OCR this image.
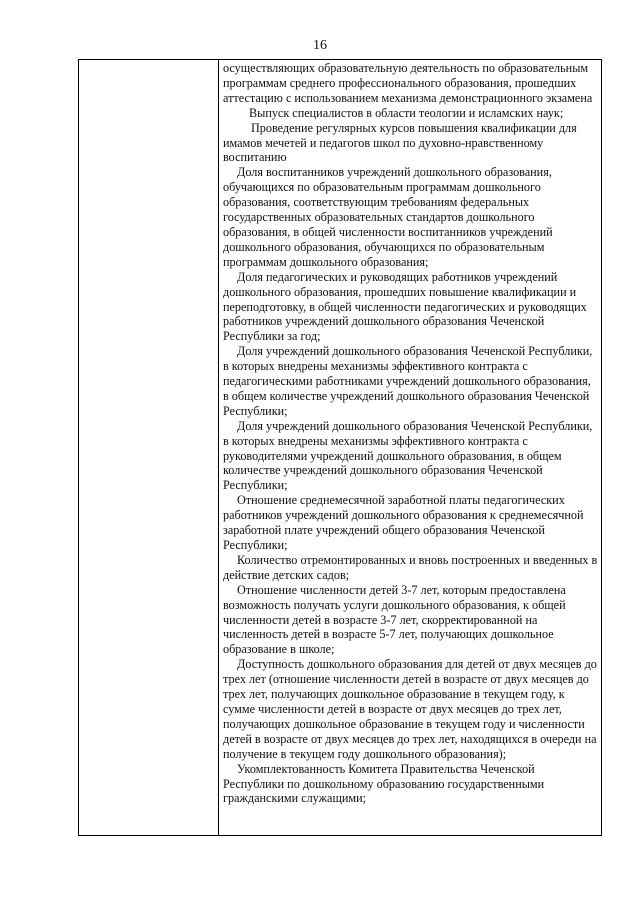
16

осуществляющих образовательную деятельность по образовательным программам среднего профессионального образования, прошедших аттестацию с использованием механизма демонстрационного экзамена

Выпуск специалистов в области теологии и исламских наук;

Проведение регулярных курсов повышения квалификации для имамов мечетей и педагогов школ по духовно-нравственному воспитанию

Доля воспитанников учреждений дошкольного образования, обучающихся по образовательным программам дошкольного образования, соответствующим требованиям федеральных государственных образовательных стандартов дошкольного образования, в общей численности воспитанников учреждений дошкольного образования, обучающихся по образовательным программам дошкольного образования;

Доля педагогических и руководящих работников учреждений дошкольного образования, прошедших повышение квалификации и переподготовку, в общей численности педагогических и руководящих работников учреждений дошкольного образования Чеченской Республики за год;

Доля учреждений дошкольного образования Чеченской Республики, в которых внедрены механизмы эффективного контракта с педагогическими работниками учреждений дошкольного образования, в общем количестве учреждений дошкольного образования Чеченской Республики;

Доля учреждений дошкольного образования Чеченской Республики, в которых внедрены механизмы эффективного контракта с руководителями учреждений дошкольного образования, в общем количестве учреждений дошкольного образования Чеченской Республики;

Отношение среднемесячной заработной платы педагогических работников учреждений дошкольного образования к среднемесячной заработной плате учреждений общего образования Чеченской Республики;

Количество отремонтированных и вновь построенных и введенных в действие детских садов;

Отношение численности детей 3-7 лет, которым предоставлена возможность получать услуги дошкольного образования, к общей численности детей в возрасте 3-7 лет, скорректированной на численность детей в возрасте 5-7 лет, получающих дошкольное образование в школе;

Доступность дошкольного образования для детей от двух месяцев до трех лет (отношение численности детей в возрасте от двух месяцев до трех лет, получающих дошкольное образование в текущем году, к сумме численности детей в возрасте от двух месяцев до трех лет, получающих дошкольное образование в текущем году и численности детей в возрасте от двух месяцев до трех лет, находящихся в очереди на получение в текущем году дошкольного образования);

Укомплектованность Комитета Правительства Чеченской Республики по дошкольному образованию государственными гражданскими служащими;
